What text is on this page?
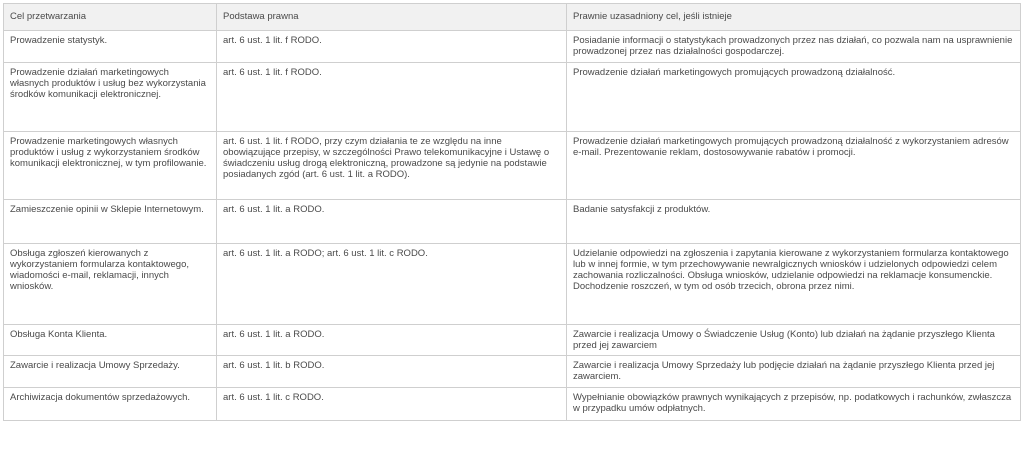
Cel przetwarzania	Podstawa prawna	Prawnie uzasadniony cel, jeśli istnieje
Prowadzenie statystyk.	art. 6 ust. 1 lit. f RODO.	Posiadanie informacji o statystykach prowadzonych przez nas działań, co pozwala nam na usprawnienie prowadzonej przez nas działalności gospodarczej.
Prowadzenie działań marketingowych własnych produktów i usług bez wykorzystania środków komunikacji elektronicznej.	art. 6 ust. 1 lit. f RODO.	Prowadzenie działań marketingowych promujących prowadzoną działalność.
Prowadzenie marketingowych własnych produktów i usług z wykorzystaniem środków komunikacji elektronicznej, w tym profilowanie.	art. 6 ust. 1 lit. f RODO, przy czym działania te ze względu na inne obowiązujące przepisy, w szczególności Prawo telekomunikacyjne i Ustawę o świadczeniu usług drogą elektroniczną, prowadzone są jedynie na podstawie posiadanych zgód (art. 6 ust. 1 lit. a RODO).	Prowadzenie działań marketingowych promujących prowadzoną działalność z wykorzystaniem adresów e-mail. Prezentowanie reklam, dostosowywanie rabatów i promocji.
Zamieszczenie opinii w Sklepie Internetowym.	art. 6 ust. 1 lit. a RODO.	Badanie satysfakcji z produktów.
Obsługa zgłoszeń kierowanych z wykorzystaniem formularza kontaktowego, wiadomości e-mail, reklamacji, innych wniosków.	art. 6 ust. 1 lit. a RODO; art. 6 ust. 1 lit. c RODO.	Udzielanie odpowiedzi na zgłoszenia i zapytania kierowane z wykorzystaniem formularza kontaktowego lub w innej formie, w tym przechowywanie newralgicznych wniosków i udzielonych odpowiedzi celem zachowania rozliczalności. Obsługa wniosków, udzielanie odpowiedzi na reklamacje konsumenckie. Dochodzenie roszczeń, w tym od osób trzecich, obrona przez nimi.
Obsługa Konta Klienta.	art. 6 ust. 1 lit. a RODO.	Zawarcie i realizacja Umowy o Świadczenie Usług (Konto) lub działań na żądanie przyszłego Klienta przed jej zawarciem
Zawarcie i realizacja Umowy Sprzedaży.	art. 6 ust. 1 lit. b RODO.	Zawarcie i realizacja Umowy Sprzedaży lub podjęcie działań na żądanie przyszłego Klienta przed jej zawarciem.
Archiwizacja dokumentów sprzedażowych.	art. 6 ust. 1 lit. c RODO.	Wypełnianie obowiązków prawnych wynikających z przepisów, np. podatkowych i rachunków, zwłaszcza w przypadku umów odpłatnych.
